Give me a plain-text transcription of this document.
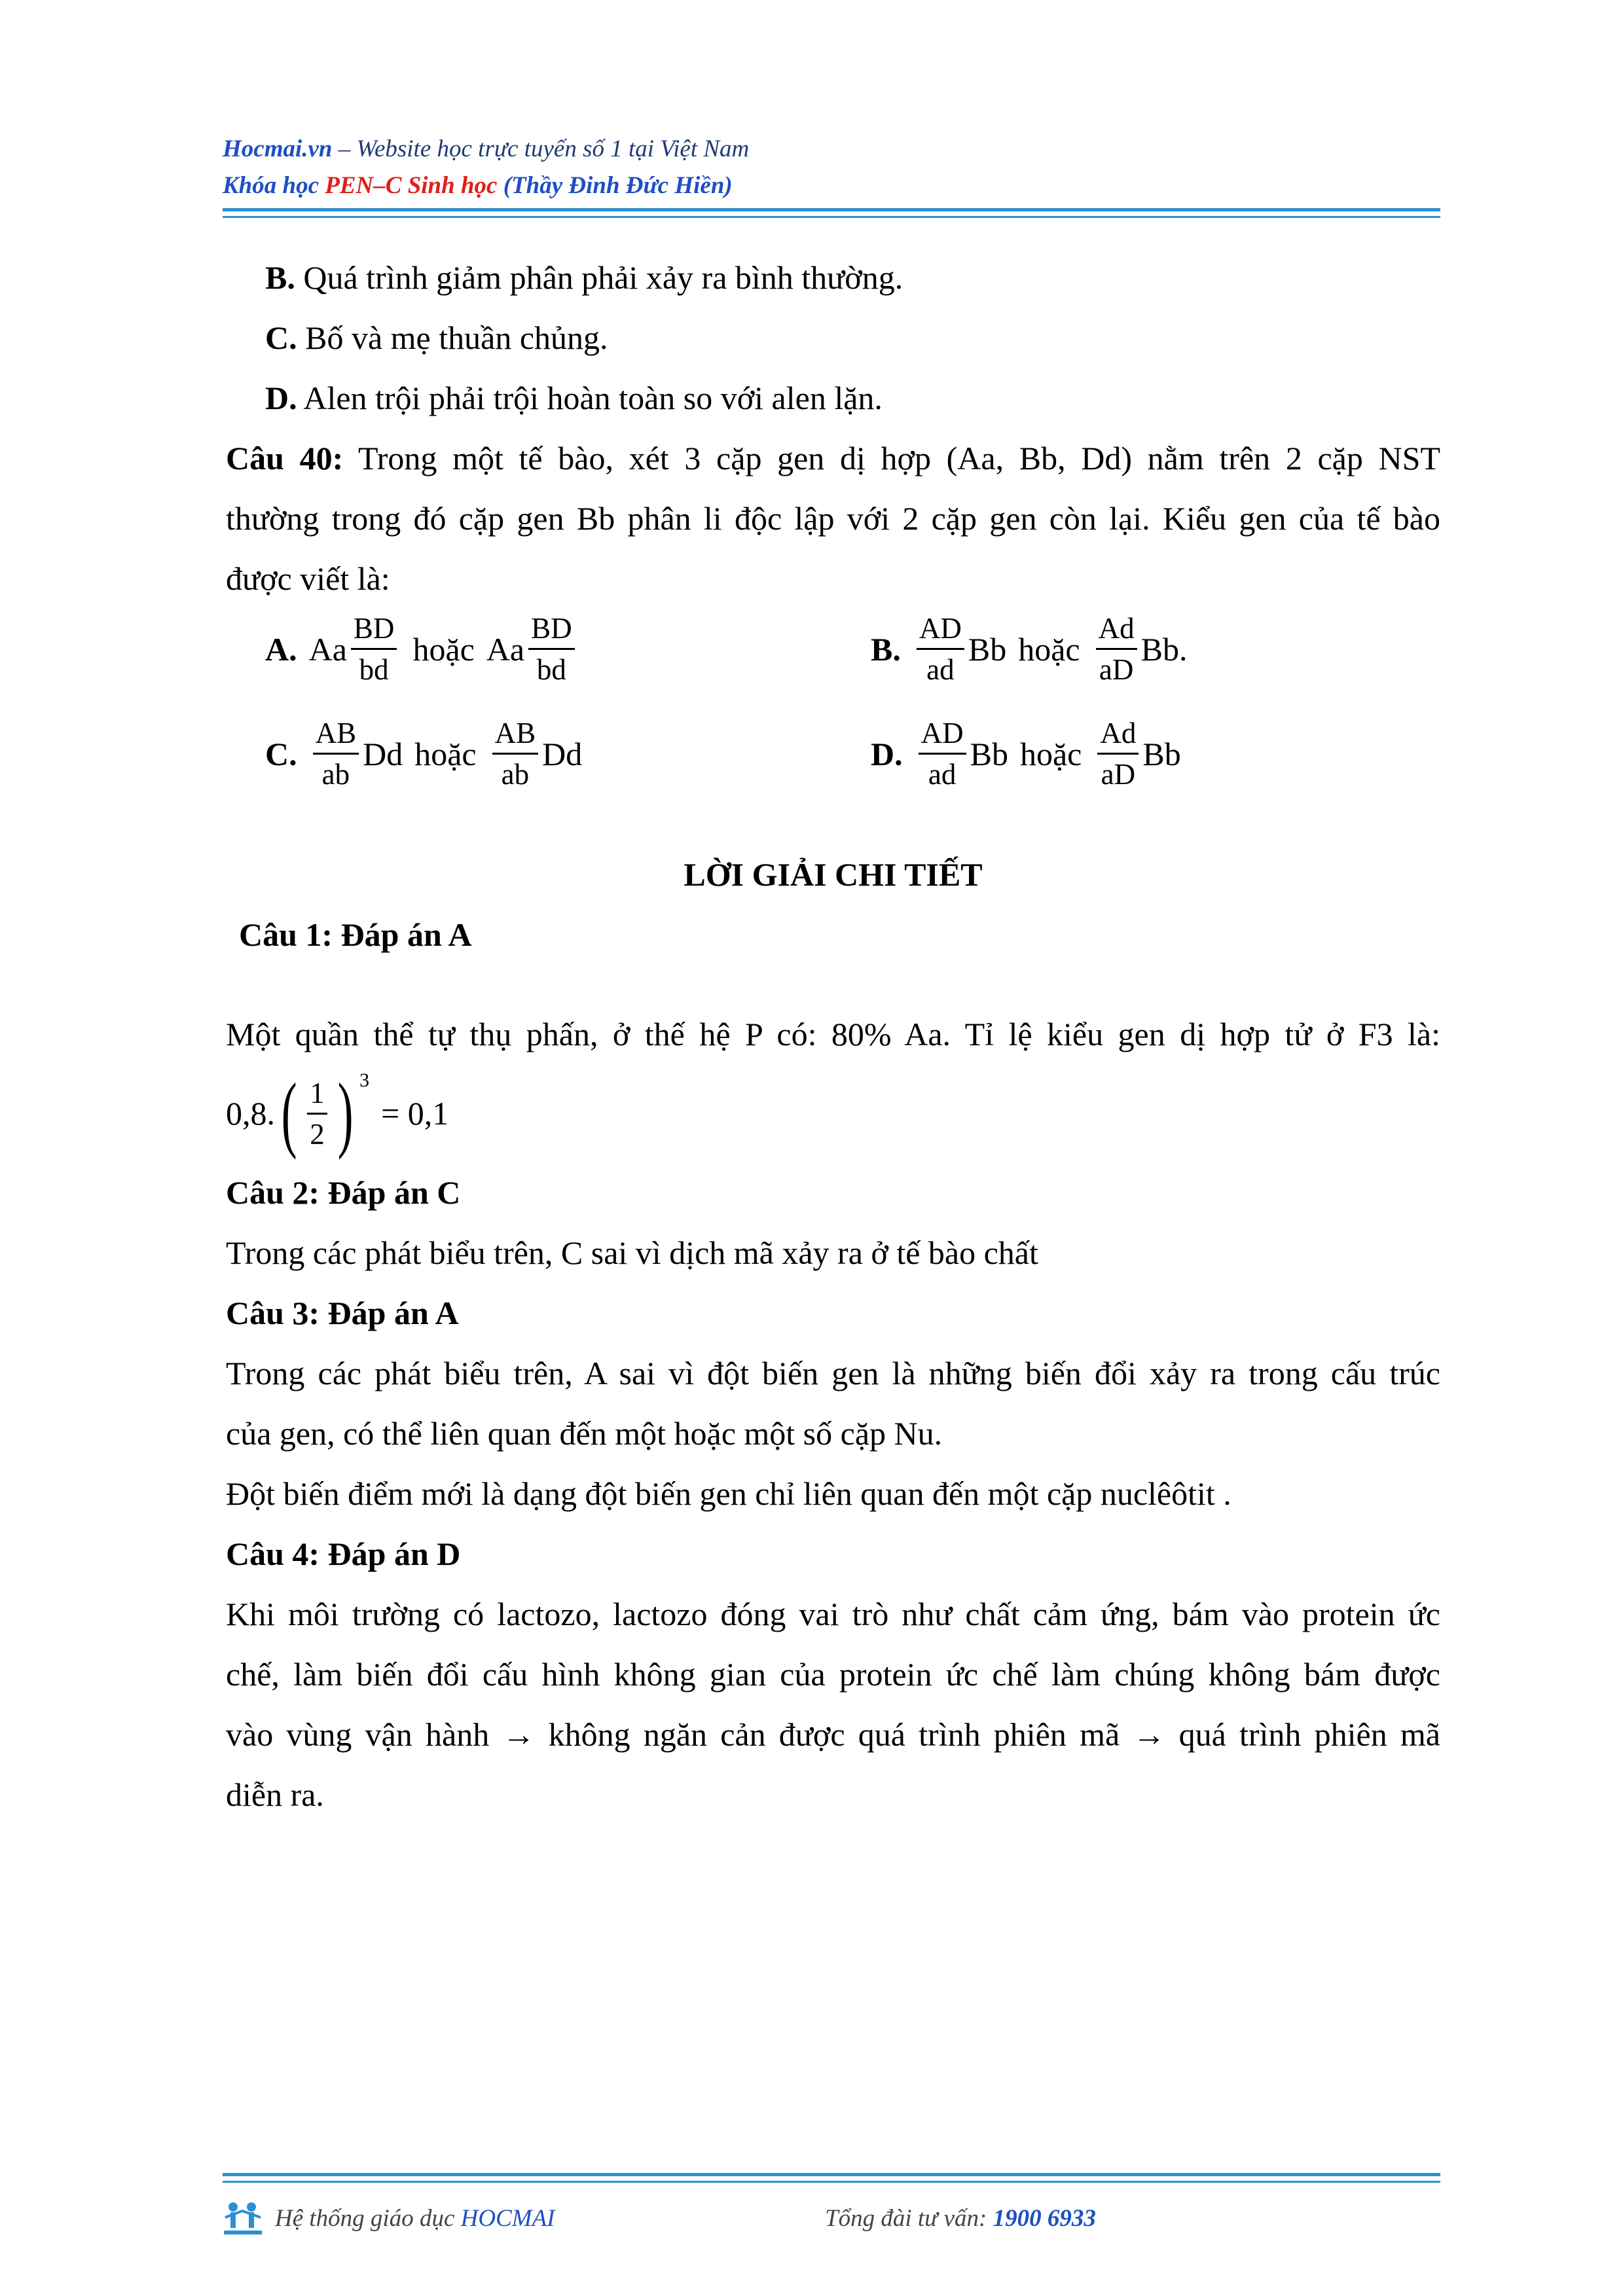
Hocmai.vn – Website học trực tuyến số 1 tại Việt Nam
Khóa học PEN–C Sinh học (Thầy Đinh Đức Hiền)

B. Quá trình giảm phân phải xảy ra bình thường.

C. Bố và mẹ thuần chủng.

D. Alen trội phải trội hoàn toàn so với alen lặn.

Câu 40: Trong một tế bào, xét 3 cặp gen dị hợp (Aa, Bb, Dd) nằm trên 2 cặp NST

thường trong đó cặp gen Bb phân li độc lập với 2 cặp gen còn lại. Kiểu gen của tế bào

được viết là:

A. Aa $\frac{BD}{bd}$ hoặc Aa $\frac{BD}{bd}$	B. $\frac{AD}{ad}$ Bb hoặc $\frac{Ad}{aD}$ Bb .
C. $\frac{AB}{ab}$ Dd hoặc $\frac{AB}{ab}$ Dd	D. $\frac{AD}{ad}$ Bb hoặc $\frac{Ad}{aD}$ Bb

LỜI GIẢI CHI TIẾT

Câu 1: Đáp án A

Một quần thể tự thụ phấn, ở thế hệ P có: 80% Aa. Tỉ lệ kiểu gen dị hợp tử ở F3 là:

0,8. ( $\frac{1}{2}$ ) 3
= 0,1

Câu 2: Đáp án C

Trong các phát biểu trên, C sai vì dịch mã xảy ra ở tế bào chất

Câu 3: Đáp án A

Trong các phát biểu trên, A sai vì đột biến gen là những biến đổi xảy ra trong cấu trúc

của gen, có thể liên quan đến một hoặc một số cặp Nu.

Đột biến điểm mới là dạng đột biến gen chỉ liên quan đến một cặp nuclêôtit .

Câu 4: Đáp án D

Khi môi trường có lactozo, lactozo đóng vai trò như chất cảm ứng, bám vào protein ức

chế, làm biến đổi cấu hình không gian của protein ức chế làm chúng không bám được

vào vùng vận hành → không ngăn cản được quá trình phiên mã → quá trình phiên mã

diễn ra.

Hệ thống giáo dục HOCMAI	Tổng đài tư vấn: 1900 6933
